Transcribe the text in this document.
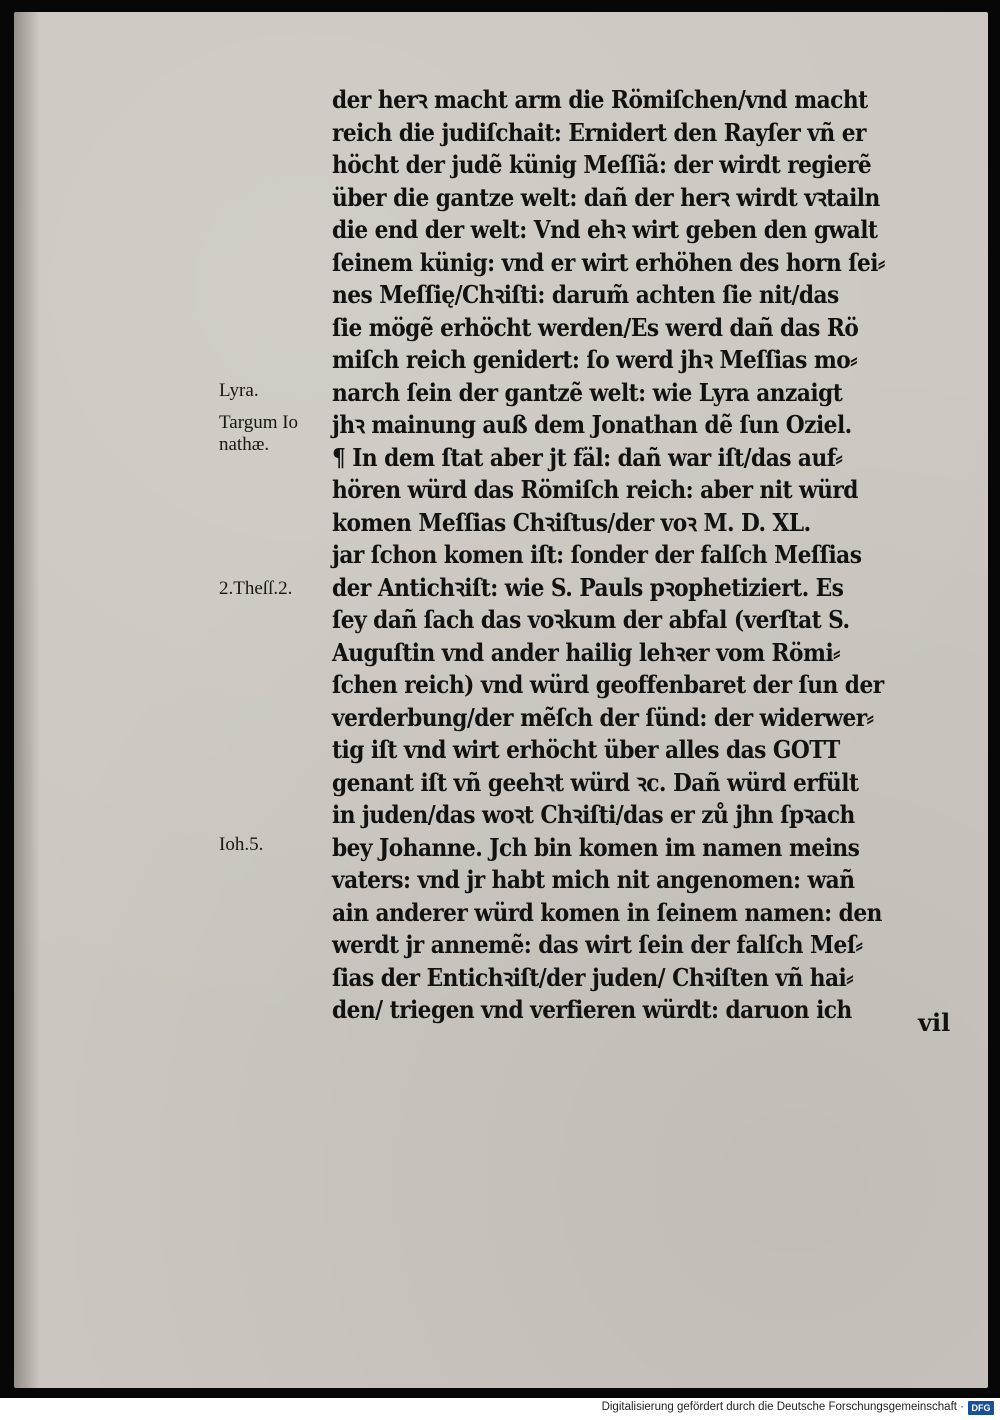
Lyra.
Targum Io nathæ.
2.Theſſ.2.
Ioh.5.
der herꝛ macht arm die Römiſchen/vnd macht
reich die judiſchait: Ernidert den Rayſer vñ er
höcht der judẽ künig Meſſiã: der wirdt regierẽ
über die gantze welt: dañ der herꝛ wirdt vꝛtailn
die end der welt: Vnd ehꝛ wirt geben den gwalt
ſeinem künig: vnd er wirt erhöhen des horn ſei⸗
nes Meſſię/Chꝛiſti: darum̃ achten ſie nit/das
ſie mögẽ erhöcht werden/Es werd dañ das Rö
miſch reich genidert: ſo werd jhꝛ Meſſias mo⸗
narch ſein der gantzẽ welt: wie Lyra anzaigt
jhꝛ mainung auß dem Jonathan dẽ ſun Oziel.
¶ In dem ſtat aber jt fäl: dañ war iſt/das auf⸗
hören würd das Römiſch reich: aber nit würd
komen Meſſias Chꝛiſtus/der voꝛ M. D. XL.
jar ſchon komen iſt: ſonder der falſch Meſſias
der Antichꝛiſt: wie S. Pauls pꝛophetiziert. Es
ſey dañ ſach das voꝛkum der abfal (verſtat S.
Auguſtin vnd ander hailig lehꝛer vom Römi⸗
ſchen reich) vnd würd geoffenbaret der ſun der
verderbung/der mẽſch der ſünd: der widerwer⸗
tig iſt vnd wirt erhöcht über alles das GOTT
genant iſt vñ geehꝛt würd ꝛc. Dañ würd erfült
in juden/das woꝛt Chꝛiſti/das er zů jhn ſpꝛach
bey Johanne. Jch bin komen im namen meins
vaters: vnd jr habt mich nit angenomen: wañ
ain anderer würd komen in ſeinem namen: den
werdt jr annemẽ: das wirt ſein der falſch Meſ⸗
ſias der Entichꝛiſt/der juden/ Chꝛiſten vñ hai⸗
den/ triegen vnd verfieren würdt: daruon ich	vil
Digitalisierung gefördert durch die Deutsche Forschungsgemeinschaft · DFG
